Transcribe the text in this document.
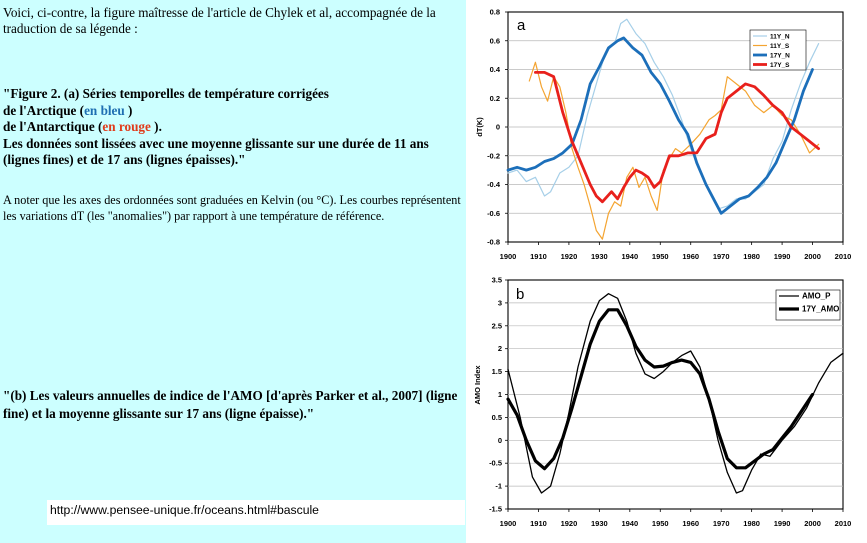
Voici, ci-contre, la figure maîtresse de l'article de Chylek et al, accompagnée de la traduction de sa légende :
"Figure 2. (a) Séries temporelles de température corrigées
de l'Arctique (en bleu )
de l'Antarctique (en rouge ).
Les données sont lissées avec une moyenne glissante sur une durée de 11 ans (lignes fines) et de 17 ans (lignes épaisses)."
A noter que les axes des ordonnées sont graduées en Kelvin (ou °C). Les courbes représentent les variations dT (les "anomalies") par rapport à une température de référence.
"(b) Les valeurs annuelles de indice de l'AMO [d'après Parker et al., 2007] (ligne fine) et la moyenne glissante sur 17 ans (ligne épaisse)."
http://www.pensee-unique.fr/oceans.html#bascule
0.8
0.6
0.4
0.2
0
-0.2
-0.4
-0.6
-0.8
1900 1910 1920 1930 1940 1950 1960 1970 1980 1990 2000 2010
dT(K)
a
11Y_N
11Y_S
17Y_N
17Y_S
3.5
3
2.5
2
1.5
1
0.5
0
-0.5
-1
-1.5
1900 1910 1920 1930 1940 1950 1960 1970 1980 1990 2000 2010
AMO Index
b	AMO_P
17Y_AMO
